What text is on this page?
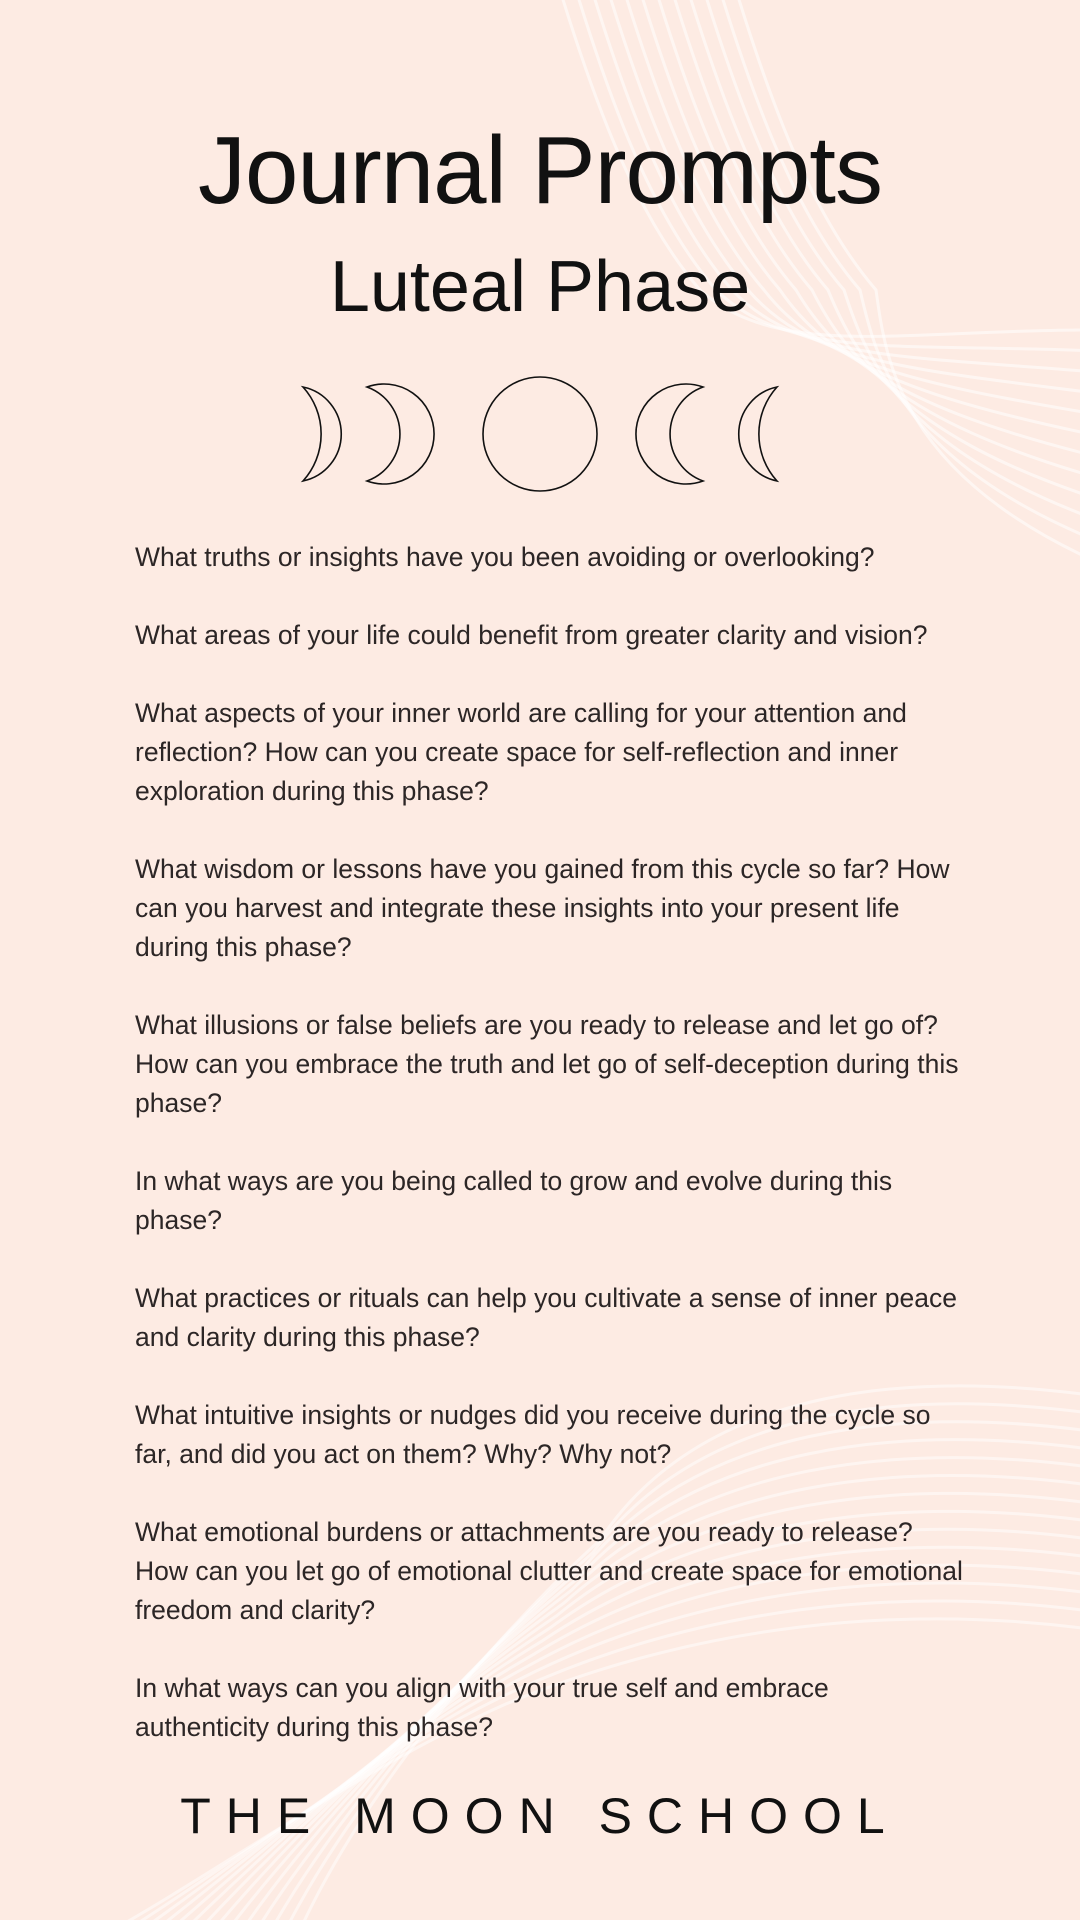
Journal Prompts
Luteal Phase
What truths or insights have you been avoiding or overlooking?
What areas of your life could benefit from greater clarity and vision?
What aspects of your inner world are calling for your attention and reflection? How can you create space for self-reflection and inner exploration during this phase?
What wisdom or lessons have you gained from this cycle so far? How can you harvest and integrate these insights into your present life during this phase?
What illusions or false beliefs are you ready to release and let go of? How can you embrace the truth and let go of self-deception during this phase?
In what ways are you being called to grow and evolve during this phase?
What practices or rituals can help you cultivate a sense of inner peace and clarity during this phase?
What intuitive insights or nudges did you receive during the cycle so far, and did you act on them? Why? Why not?
What emotional burdens or attachments are you ready to release? How can you let go of emotional clutter and create space for emotional freedom and clarity?
In what ways can you align with your true self and embrace authenticity during this phase?
THE MOON SCHOOL
